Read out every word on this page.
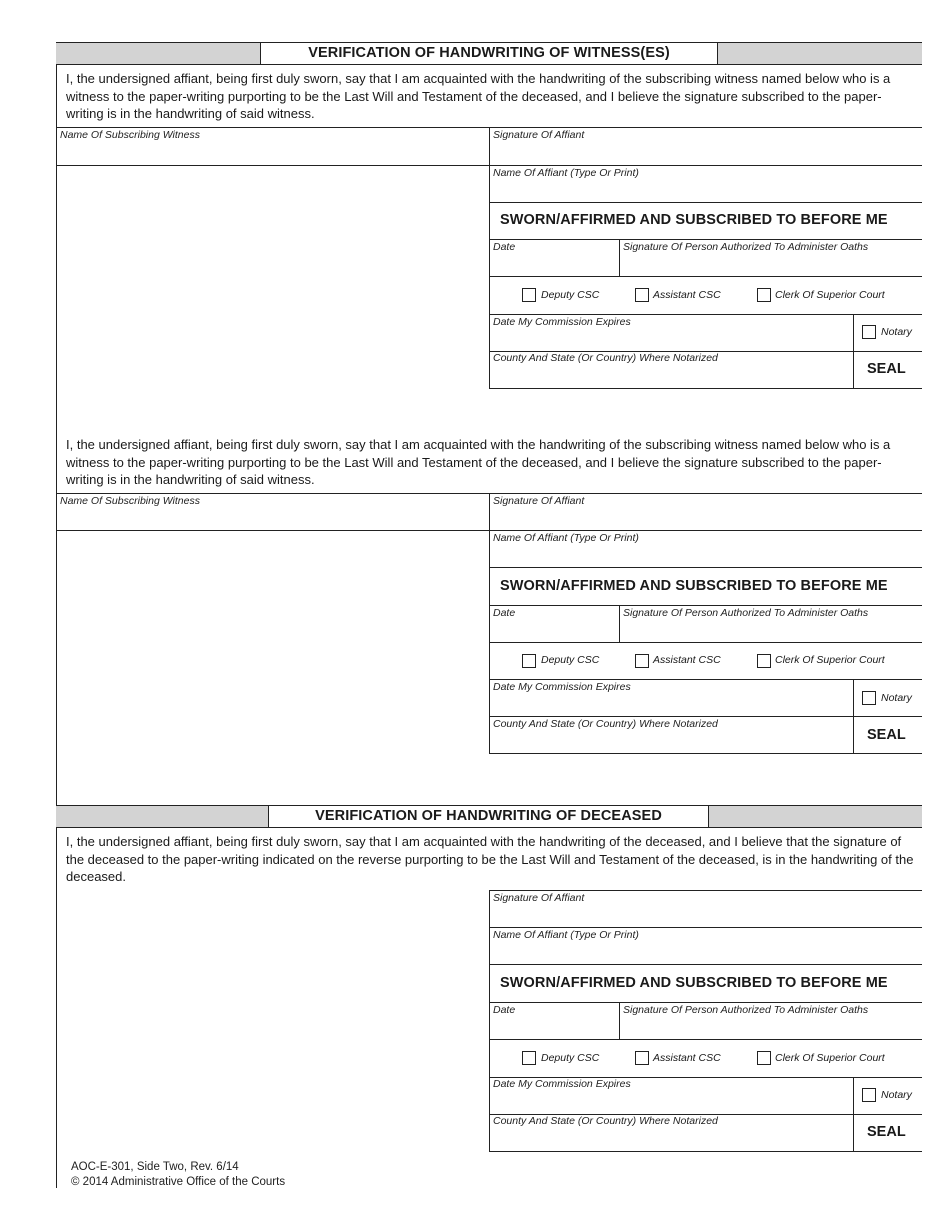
VERIFICATION OF HANDWRITING OF WITNESS(ES)
I, the undersigned affiant, being first duly sworn, say that I am acquainted with the handwriting of the subscribing witness named below who is a witness to the paper-writing purporting to be the Last Will and Testament of the deceased, and I believe the signature subscribed to the paper-writing is in the handwriting of said witness.
Name Of Subscribing Witness	Signature Of Affiant
Name Of Affiant (Type Or Print)
SWORN/AFFIRMED AND SUBSCRIBED TO BEFORE ME
Date	Signature Of Person Authorized To Administer Oaths
Deputy CSC	Assistant CSC	Clerk Of Superior Court
Date My Commission Expires
Notary
County And State (Or Country) Where Notarized
SEAL
I, the undersigned affiant, being first duly sworn, say that I am acquainted with the handwriting of the subscribing witness named below who is a witness to the paper-writing purporting to be the Last Will and Testament of the deceased, and I believe the signature subscribed to the paper-writing is in the handwriting of said witness.
Name Of Subscribing Witness	Signature Of Affiant
Name Of Affiant (Type Or Print)
SWORN/AFFIRMED AND SUBSCRIBED TO BEFORE ME
Date	Signature Of Person Authorized To Administer Oaths
Deputy CSC	Assistant CSC	Clerk Of Superior Court
Date My Commission Expires
Notary
County And State (Or Country) Where Notarized
SEAL
VERIFICATION OF HANDWRITING OF DECEASED
I, the undersigned affiant, being first duly sworn, say that I am acquainted with the handwriting of the deceased, and I believe that the signature of the deceased to the paper-writing indicated on the reverse purporting to be the Last Will and Testament of the deceased, is in the handwriting of the deceased.
Signature Of Affiant
Name Of Affiant (Type Or Print)
SWORN/AFFIRMED AND SUBSCRIBED TO BEFORE ME
Date	Signature Of Person Authorized To Administer Oaths
Deputy CSC	Assistant CSC	Clerk Of Superior Court
Date My Commission Expires
Notary
County And State (Or Country) Where Notarized
SEAL
AOC-E-301, Side Two, Rev. 6/14
© 2014 Administrative Office of the Courts
